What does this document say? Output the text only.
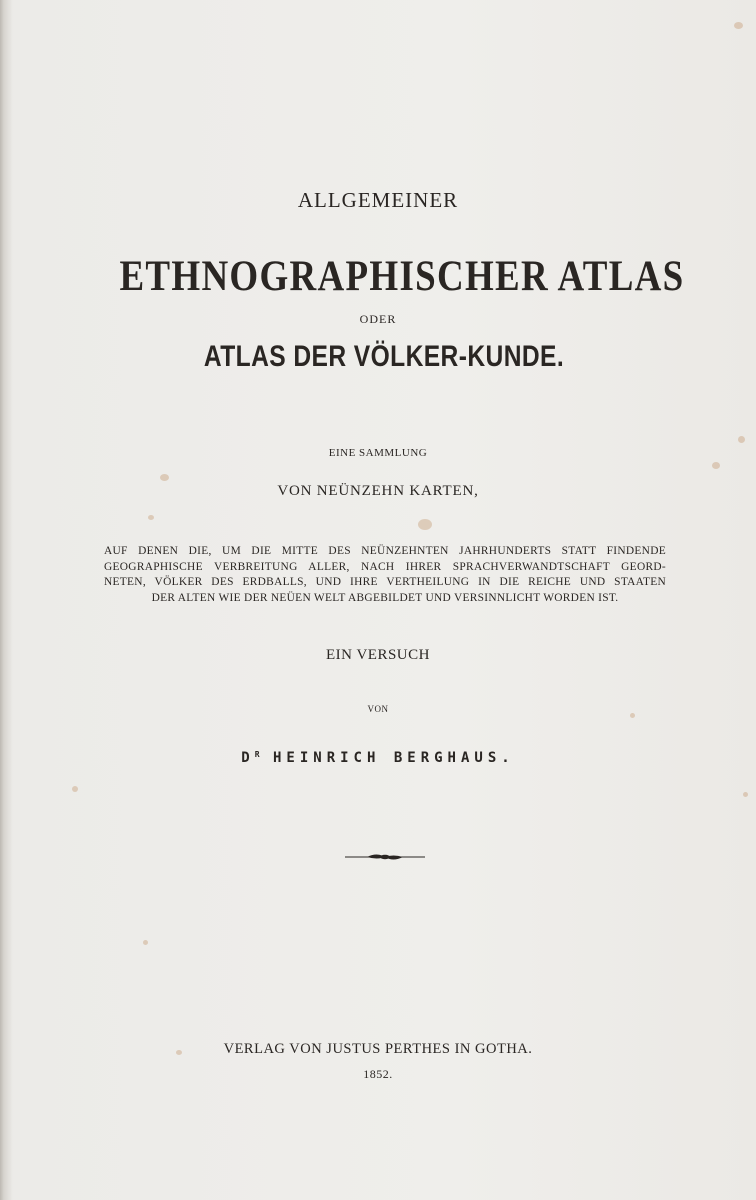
ALLGEMEINER
ETHNOGRAPHISCHER ATLAS
ODER
ATLAS DER VÖLKER-KUNDE.
EINE SAMMLUNG
VON NEÜNZEHN KARTEN,
AUF DENEN DIE, UM DIE MITTE DES NEÜNZEHNTEN JAHRHUNDERTS STATT FINDENDE
GEOGRAPHISCHE VERBREITUNG ALLER, NACH IHRER SPRACHVERWANDTSCHAFT GEORD-
NETEN, VÖLKER DES ERDBALLS, UND IHRE VERTHEILUNG IN DIE REICHE UND STAATEN
DER ALTEN WIE DER NEÜEN WELT ABGEBILDET UND VERSINNLICHT WORDEN IST.
EIN VERSUCH
VON
$D^R$ HEINRICH BERGHAUS.
VERLAG VON JUSTUS PERTHES IN GOTHA.
1852.
